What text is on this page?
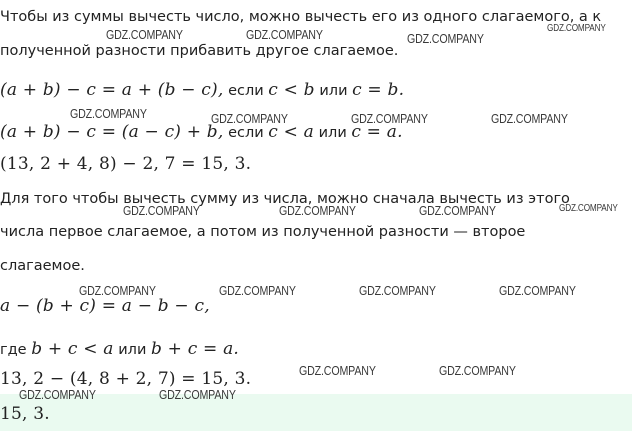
Чтобы из суммы вычесть число, можно вычесть его из одного слагаемого, а к
полученной разности прибавить другое слагаемое.
(a + b) − c = a + (b − c), если c < b или c = b.
(a + b) − c = (a − c) + b, если c < a или c = a.
(13, 2 + 4, 8) − 2, 7 = 15, 3.
Для того чтобы вычесть сумму из числа, можно сначала вычесть из этого
числа первое слагаемое, а потом из полученной разности — второе
слагаемое.
a − (b + c) = a − b − c,
где b + c < a или b + c = a.
13, 2 − (4, 8 + 2, 7) = 15, 3.
15, 3.
GDZ.COMPANY	GDZ.COMPANY	GDZ.COMPANY
GDZ.COMPANY
GDZ.COMPANY	GDZ.COMPANY	GDZ.COMPANY	GDZ.COMPANY
GDZ.COMPANY	GDZ.COMPANY	GDZ.COMPANY	GDZ.COMPANY
GDZ.COMPANY	GDZ.COMPANY	GDZ.COMPANY	GDZ.COMPANY
GDZ.COMPANY	GDZ.COMPANY
GDZ.COMPANY	GDZ.COMPANY
